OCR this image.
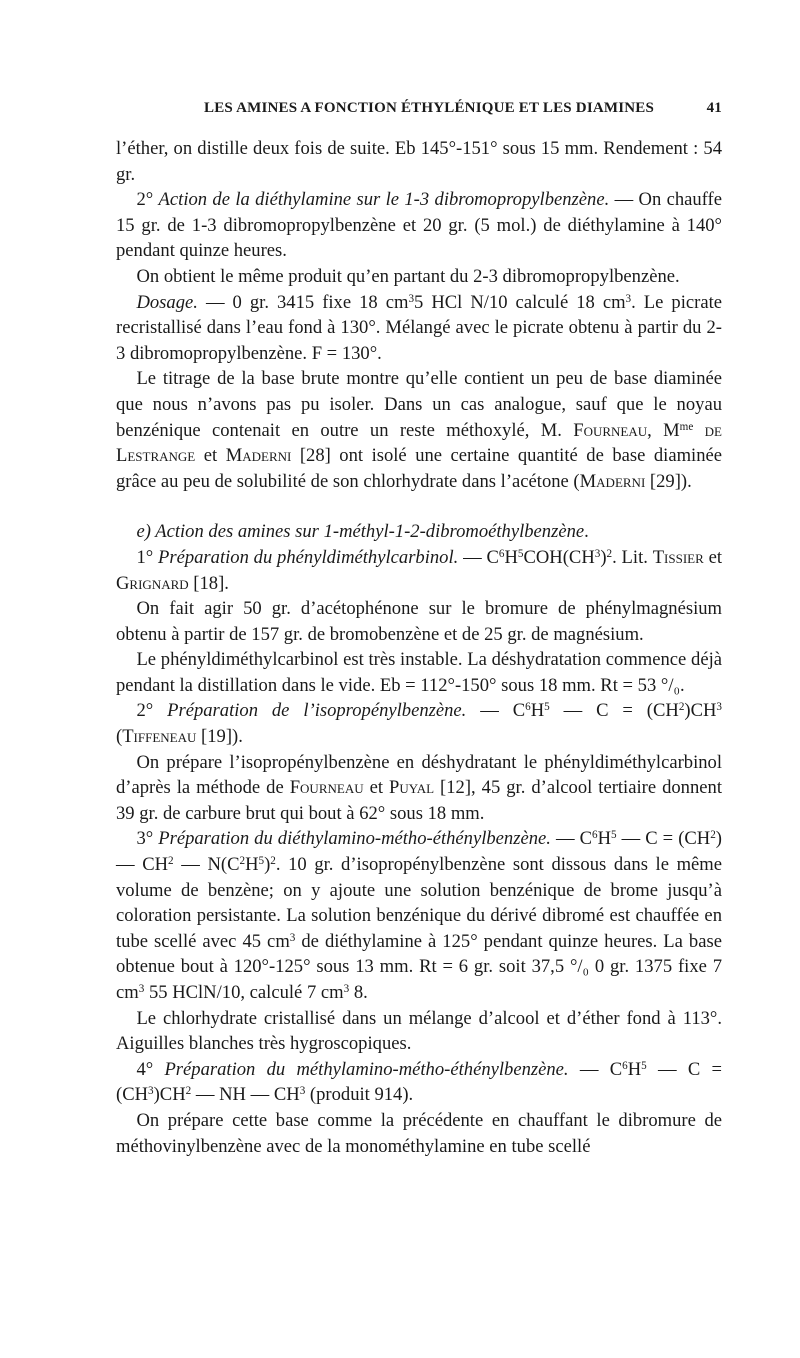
LES AMINES A FONCTION ÉTHYLÉNIQUE ET LES DIAMINES	41

l’éther, on distille deux fois de suite. Eb 145°-151° sous 15 mm. Rendement : 54 gr.

2° Action de la diéthylamine sur le 1-3 dibromopropylbenzène. — On chauffe 15 gr. de 1-3 dibromopropylbenzène et 20 gr. (5 mol.) de diéthylamine à 140° pendant quinze heures.

On obtient le même produit qu’en partant du 2-3 dibromopropylbenzène.

Dosage. — 0 gr. 3415 fixe 18 $cm^35$ HCl N/10 calculé 18 $cm^3$. Le picrate recristallisé dans l’eau fond à 130°. Mélangé avec le picrate obtenu à partir du 2-3 dibromopropylbenzène. F = 130°.

Le titrage de la base brute montre qu’elle contient un peu de base diaminée que nous n’avons pas pu isoler. Dans un cas analogue, sauf que le noyau benzénique contenait en outre un reste méthoxylé, M. Fourneau, $M^{me}$ de Lestrange et Maderni [28] ont isolé une certaine quantité de base diaminée grâce au peu de solubilité de son chlorhydrate dans l’acétone (Maderni [29]).

e) Action des amines sur 1-méthyl-1-2-dibromoéthylbenzène.

1° Préparation du phényldiméthylcarbinol. — $C^6H^5COH(CH^3)^2$. Lit. Tissier et Grignard [18].

On fait agir 50 gr. d’acétophénone sur le bromure de phénylmagnésium obtenu à partir de 157 gr. de bromobenzène et de 25 gr. de magnésium.

Le phényldiméthylcarbinol est très instable. La déshydratation commence déjà pendant la distillation dans le vide. Eb = 112°-150° sous 18 mm. Rt = 53 °/₀.

2° Préparation de l’isopropénylbenzène. — $C^6H^5$ — $C = (CH^2)CH^3$ (Tiffeneau [19]).

On prépare l’isopropénylbenzène en déshydratant le phényldiméthylcarbinol d’après la méthode de Fourneau et Puyal [12], 45 gr. d’alcool tertiaire donnent 39 gr. de carbure brut qui bout à 62° sous 18 mm.

3° Préparation du diéthylamino-métho-éthénylbenzène. — $C^6H^5$ — $C = (CH^2)$ — $CH^2$ — $N(C^2H^5)^2$. 10 gr. d’isopropénylbenzène sont dissous dans le même volume de benzène; on y ajoute une solution benzénique de brome jusqu’à coloration persistante. La solution benzénique du dérivé dibromé est chauffée en tube scellé avec 45 $cm^3$ de diéthylamine à 125° pendant quinze heures. La base obtenue bout à 120°-125° sous 13 mm. Rt = 6 gr. soit 37,5 °/₀ 0 gr. 1375 fixe 7 $cm^3$ 55 HClN/10, calculé 7 $cm^3$ 8.

Le chlorhydrate cristallisé dans un mélange d’alcool et d’éther fond à 113°. Aiguilles blanches très hygroscopiques.

4° Préparation du méthylamino-métho-éthénylbenzène. — $C^6H^5$ — $C = (CH^3)CH^2$ — NH — $CH^3$ (produit 914).

On prépare cette base comme la précédente en chauffant le dibromure de méthovinylbenzène avec de la monométhylamine en tube scellé
